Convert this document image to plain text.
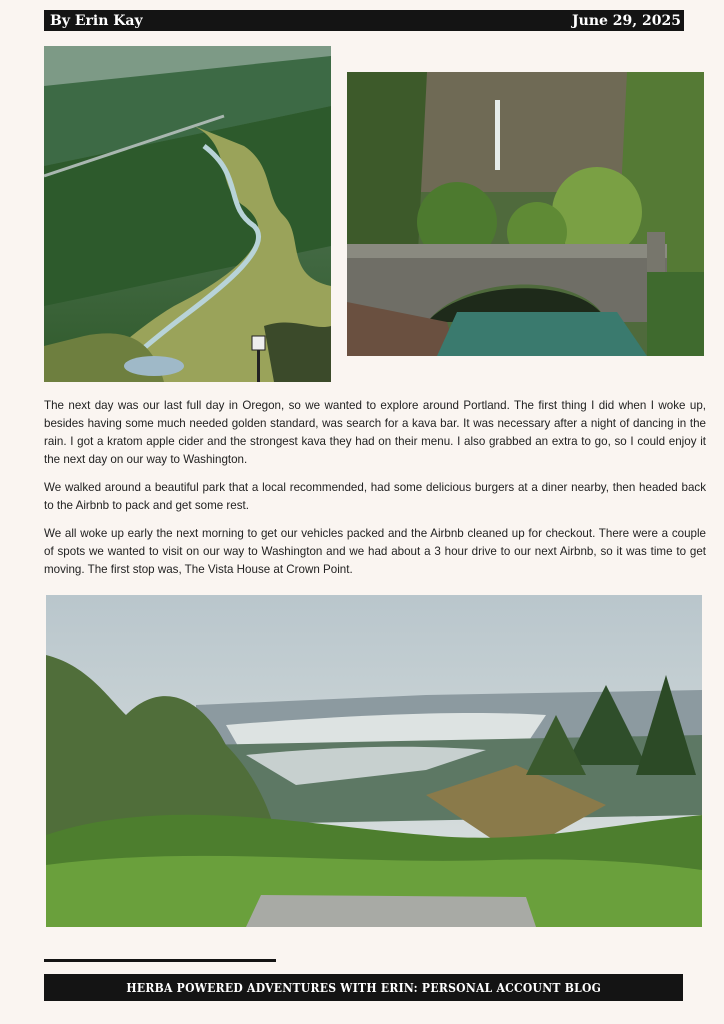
By Erin Kay	June 29, 2025

The next day was our last full day in Oregon, so we wanted to explore around Portland. The first thing I did when I woke up, besides having some much needed golden standard, was search for a kava bar. It was necessary after a night of dancing in the rain. I got a kratom apple cider and the strongest kava they had on their menu. I also grabbed an extra to go, so I could enjoy it the next day on our way to Washington.

We walked around a beautiful park that a local recommended, had some delicious burgers at a diner nearby, then headed back to the Airbnb to pack and get some rest.

We all woke up early the next morning to get our vehicles packed and the Airbnb cleaned up for checkout. There were a couple of spots we wanted to visit on our way to Washington and we had about a 3 hour drive to our next Airbnb, so it was time to get moving. The first stop was, The Vista House at Crown Point.

HERBA POWERED ADVENTURES WITH ERIN: PERSONAL ACCOUNT BLOG
